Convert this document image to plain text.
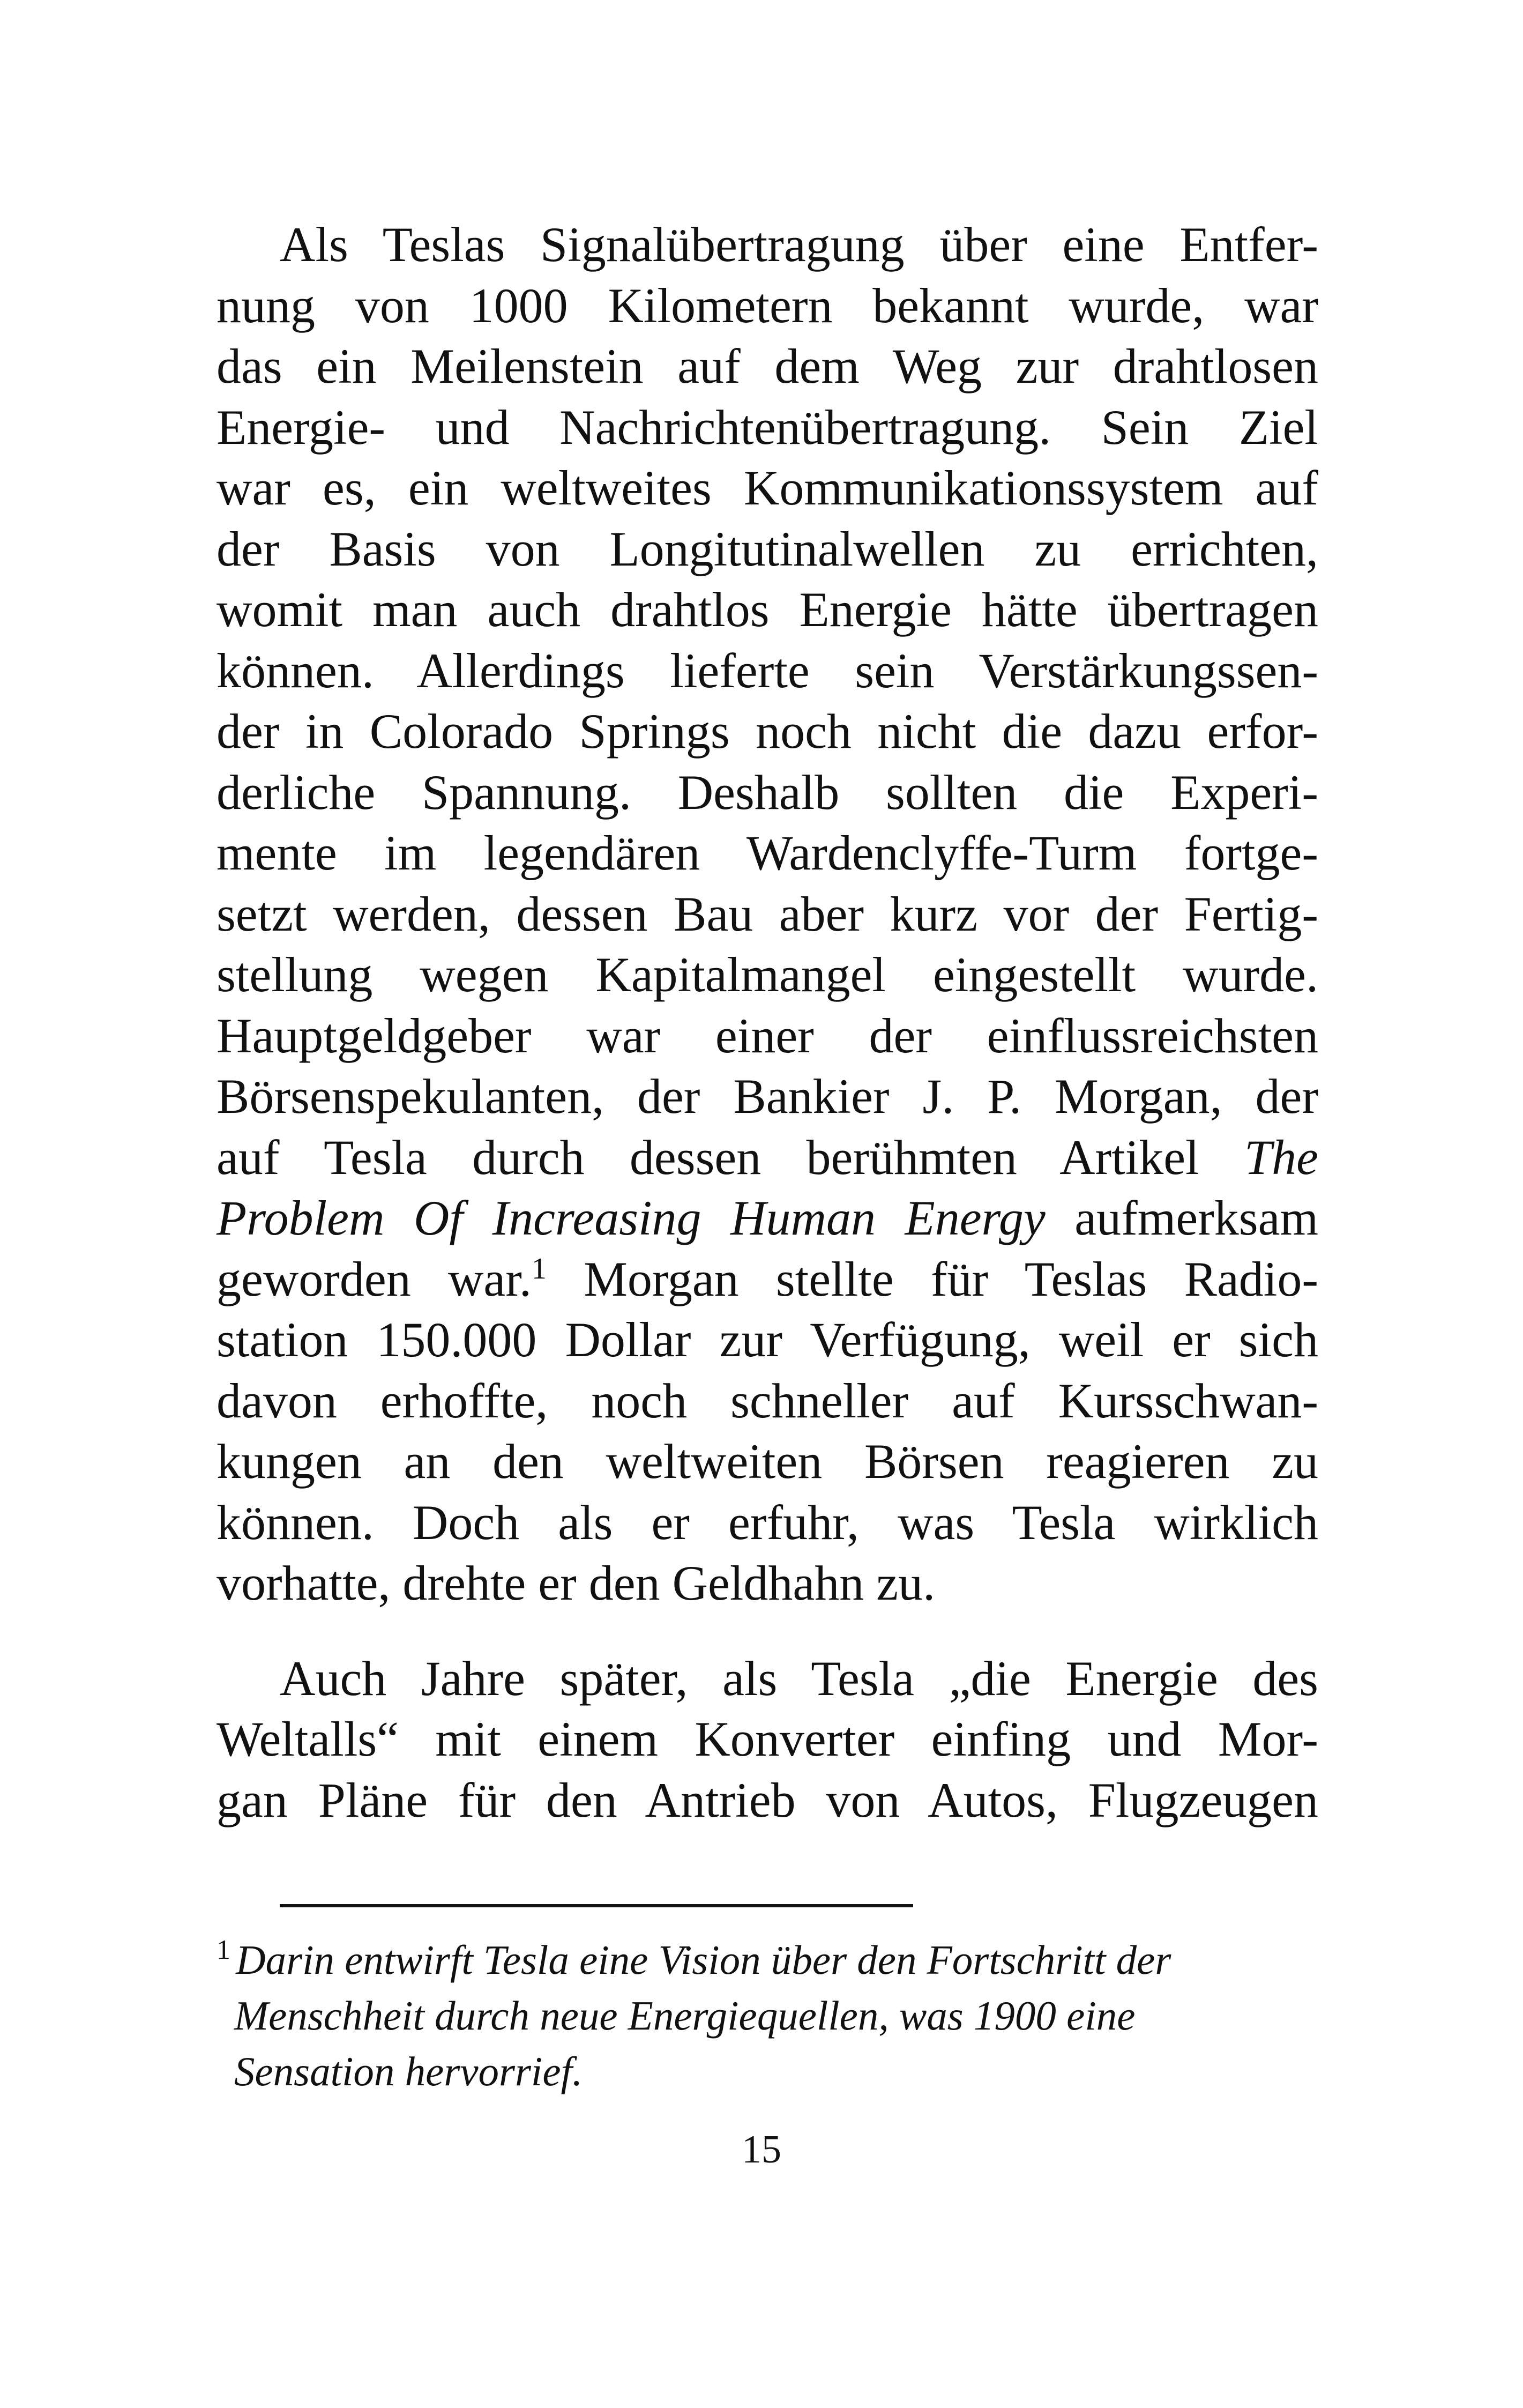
Als Teslas Signalübertragung über eine Entfer-
nung von 1000 Kilometern bekannt wurde, war
das ein Meilenstein auf dem Weg zur drahtlosen
Energie- und Nachrichtenübertragung. Sein Ziel
war es, ein weltweites Kommunikationssystem auf
der Basis von Longitutinalwellen zu errichten,
womit man auch drahtlos Energie hätte übertragen
können. Allerdings lieferte sein Verstärkungssen-
der in Colorado Springs noch nicht die dazu erfor-
derliche Spannung. Deshalb sollten die Experi-
mente im legendären Wardenclyffe-Turm fortge-
setzt werden, dessen Bau aber kurz vor der Fertig-
stellung wegen Kapitalmangel eingestellt wurde.
Hauptgeldgeber war einer der einflussreichsten
Börsenspekulanten, der Bankier J. P. Morgan, der
auf Tesla durch dessen berühmten Artikel The
Problem Of Increasing Human Energy aufmerksam
geworden war.$^1$ Morgan stellte für Teslas Radio-
station 150.000 Dollar zur Verfügung, weil er sich
davon erhoffte, noch schneller auf Kursschwan-
kungen an den weltweiten Börsen reagieren zu
können. Doch als er erfuhr, was Tesla wirklich
vorhatte, drehte er den Geldhahn zu.
Auch Jahre später, als Tesla „die Energie des
Weltalls“ mit einem Konverter einfing und Mor-
gan Pläne für den Antrieb von Autos, Flugzeugen
$^1$ Darin entwirft Tesla eine Vision über den Fortschritt der
Menschheit durch neue Energiequellen, was 1900 eine
Sensation hervorrief.
15
